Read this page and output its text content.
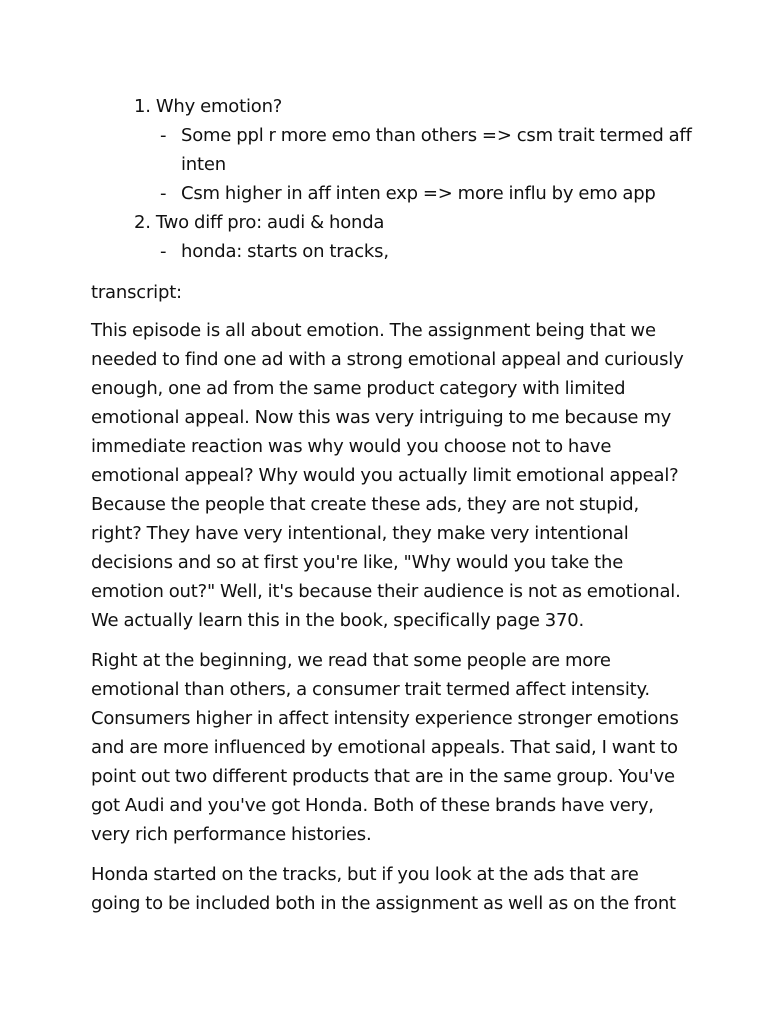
1. Why emotion?
- Some ppl r more emo than others => csm trait termed aff
inten
- Csm higher in aff inten exp => more influ by emo app
2. Two diff pro: audi & honda
- honda: starts on tracks,
transcript:
This episode is all about emotion. The assignment being that we
needed to find one ad with a strong emotional appeal and curiously
enough, one ad from the same product category with limited
emotional appeal. Now this was very intriguing to me because my
immediate reaction was why would you choose not to have
emotional appeal? Why would you actually limit emotional appeal?
Because the people that create these ads, they are not stupid,
right? They have very intentional, they make very intentional
decisions and so at first you're like, "Why would you take the
emotion out?" Well, it's because their audience is not as emotional.
We actually learn this in the book, specifically page 370.
Right at the beginning, we read that some people are more
emotional than others, a consumer trait termed affect intensity.
Consumers higher in affect intensity experience stronger emotions
and are more influenced by emotional appeals. That said, I want to
point out two different products that are in the same group. You've
got Audi and you've got Honda. Both of these brands have very,
very rich performance histories.
Honda started on the tracks, but if you look at the ads that are
going to be included both in the assignment as well as on the front
